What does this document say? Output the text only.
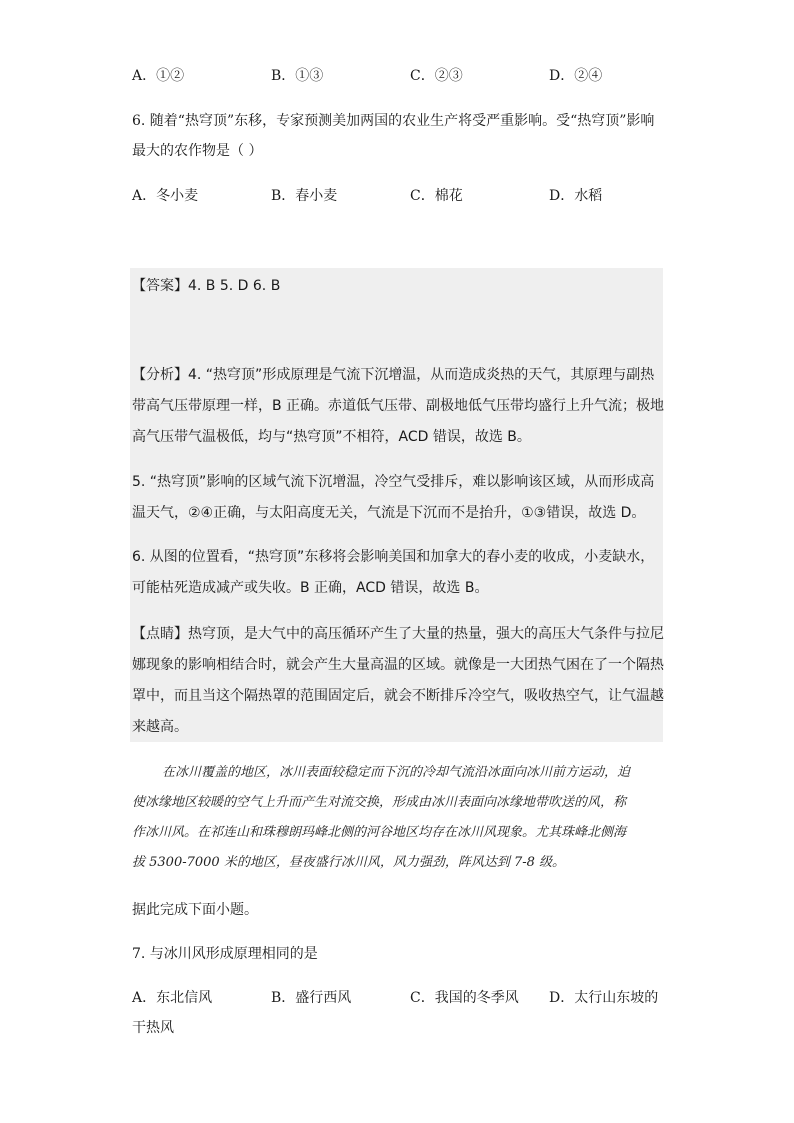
A．①②	B．①③	C．②③	D．②④
6. 随着“热穹顶”东移，专家预测美加两国的农业生产将受严重影响。受“热穹顶”影响
最大的农作物是（ ）
A．冬小麦	B．春小麦	C．棉花	D．水稻
【答案】4. B 5. D 6. B
【分析】4. “热穹顶”形成原理是气流下沉增温，从而造成炎热的天气，其原理与副热
带高气压带原理一样，B 正确。赤道低气压带、副极地低气压带均盛行上升气流；极地
高气压带气温极低，均与“热穹顶”不相符，ACD 错误，故选 B。
5. “热穹顶”影响的区域气流下沉增温，冷空气受排斥，难以影响该区域，从而形成高
温天气，②④正确，与太阳高度无关，气流是下沉而不是抬升，①③错误，故选 D。
6. 从图的位置看，“热穹顶”东移将会影响美国和加拿大的春小麦的收成，小麦缺水，
可能枯死造成减产或失收。B 正确，ACD 错误，故选 B。
【点睛】热穹顶，是大气中的高压循环产生了大量的热量，强大的高压大气条件与拉尼
娜现象的影响相结合时，就会产生大量高温的区域。就像是一大团热气困在了一个隔热
罩中，而且当这个隔热罩的范围固定后，就会不断排斥冷空气，吸收热空气，让气温越
来越高。
在冰川覆盖的地区，冰川表面较稳定而下沉的冷却气流沿冰面向冰川前方运动，迫
使冰缘地区较暖的空气上升而产生对流交换，形成由冰川表面向冰缘地带吹送的风，称
作冰川风。在祁连山和珠穆朗玛峰北侧的河谷地区均存在冰川风现象。尤其珠峰北侧海
拔 5300-7000 米的地区，昼夜盛行冰川风，风力强劲，阵风达到 7-8 级。
据此完成下面小题。
7. 与冰川风形成原理相同的是
A．东北信风	B．盛行西风	C．我国的冬季风 D．太行山东坡的
干热风
